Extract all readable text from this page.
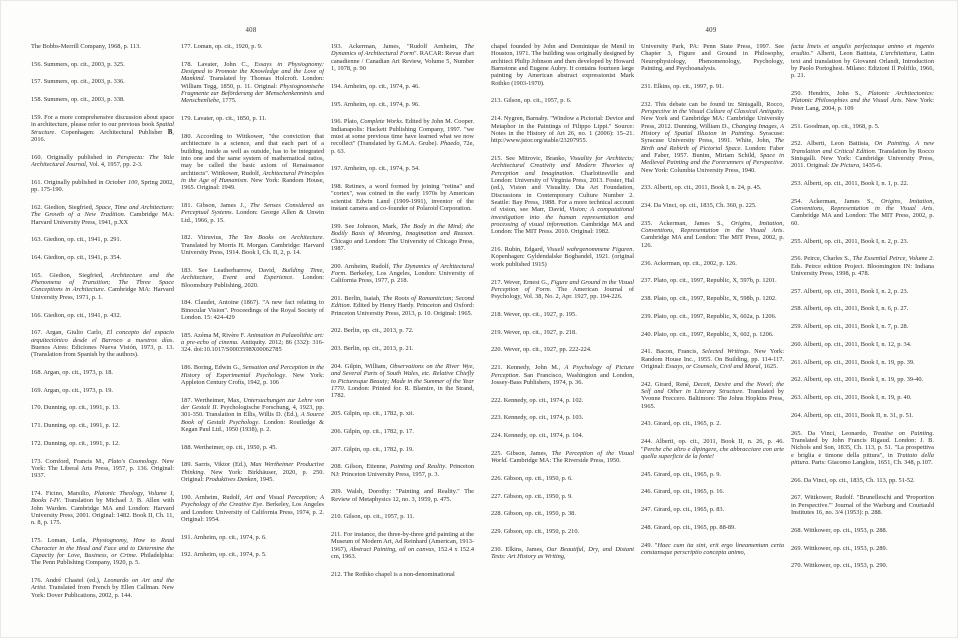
408

The Bobbs-Merrill Company, 1968, p. 113.

156. Summers, op. cit., 2003, p. 325.

157. Summers, op. cit., 2003, p. 336.

158. Summers, op. cit., 2003, p. 338.

159. For a more comprehensive discussion about space in architecture, please refer to our previous book Spatial Structure. Copenhagen: Architectural Publisher B, 2016.

160. Originally published in Perspecta: The Yale Architectural Journal, Vol. 4, 1957, pp. 2-3.

161. Originally published in October 100, Spring 2002, pp. 175-190.

162. Giedion, Siegfried, Space, Time and Architecture: The Growth of a New Tradition. Cambridge MA: Harvard University Press, 1941, p.XX

163. Giedion, op. cit., 1941, p. 291.

164. Giedion, op. cit., 1941, p. 354.

165. Giedion, Siegfried, Architecture and the Phenomena of Transition; The Three Space Conceptions in Architecture. Cambridge MA: Harvard University Press, 1971, p. 1.

166. Giedion, op. cit., 1941, p. 432.

167. Argan, Giulio Carlo, El concepto del espacio arquitectónico desde el Barroco a nuestros días. Buenos Aires: Ediciones Nueva Visión, 1973, p. 13. (Translation from Spanish by the authors).

168. Argan, op. cit., 1973, p. 18.

169. Argan, op. cit., 1973, p. 19.

170. Dunning, op. cit., 1991, p. 13.

171. Dunning, op. cit., 1991, p. 12.

172. Dunning, op. cit., 1991, p. 12.

173. Cornford, Francis M., Plato's Cosmology. New York: The Liberal Arts Press, 1957, p. 136. Original: 1937.

174. Ficino, Marsilio, Platonic Theology, Volume I, Books I-IV. Translation by Michael J. B. Allen with John Warden. Cambridge MA and London: Harvard University Press, 2001. Original: 1482. Book II, Ch. 11, n. 8, p. 175.

175. Loman, Leila, Physiognomy, How to Read Character in the Head and Face and to Determine the Capacity for Love, Business, or Crime. Philadelphia: The Penn Publishing Company, 1920, p. 5.

176. André Chastel (ed.), Leonardo on Art and the Artist. Translated from French by Ellen Callman. New York: Dover Publications, 2002, p. 144.

177. Loman, op. cit., 1920, p. 9.

178. Lavater, John C., Essays in Physiognomy: Designed to Promote the Knowledge and the Love of Mankind. Translated by Thomas Holcroft. London: William Tegg, 1850, p. 11. Original: Physiognomische Fragmente zur Beförderung der Menschenkenntnis und Menschenliebe, 1775.

179. Lavater, op. cit., 1850, p. 11.

180. According to Wittkower, "the conviction that architecture is a science, and that each part of a building, inside as well as outside, has to be integrated into one and the same system of mathematical ratios, may be called the basic axiom of Renaissance architects". Wittkower, Rudolf, Architectural Principles in the Age of Humanism. New York: Random House, 1965. Original: 1949.

181. Gibson, James J., The Senses Considered as Perceptual Systems. London: George Allen & Unwin Ltd., 1966, p. 15.

182. Vitruvius, The Ten Books on Architecture. Translated by Morris H. Morgan. Cambridge: Harvard University Press, 1914. Book I, Ch. II, 2, p. 14.

183. See Leatherbarrow, David, Building Time, Architecture, Event and Experience. London: Bloomsbury Publishing, 2020.

184. Claudet, Antoine (1867). "A new fact relating to Binocular Vision". Proceedings of the Royal Society of London. 15: 424-429

185. Azéma M, Rivère F. Animation in Palaeolithic art: a pre-echo of cinema. Antiquity. 2012; 86 (332): 316-324. doi:10.1017/S0003598X00062785

186. Boring, Edwin G., Sensation and Perception in the History of Experimental Psychology. New York: Appleton Century Crofts, 1942, p. 106

187. Wertheimer, Max, Untersuchungen zur Lehre von der Gestalt II. Psychologische Forschung, 4, 1923, pp. 301-350. Translation in Ellis, Willis D. (Ed.), A Source Book of Gestalt Psychology. London: Routledge & Kegan Paul Ltd., 1950 (1938), p. 2.

188. Wertheimer, op. cit., 1950, p. 45.

189. Sarris, Viktor (Ed.), Max Wertheimer Productive Thinking. New York: Birkhäuser, 2020, p. 250. Original: Produktives Denken, 1945.

190. Arnheim, Rudolf, Art and Visual Perception; A Psychology of the Creative Eye. Berkeley, Los Angeles and London: University of California Press, 1974, p. 2. Original: 1954.

191. Arnheim, op. cit., 1974, p. 6.

192. Arnheim, op. cit., 1974, p. 5.

193. Ackerman, James, "Rudolf Arnheim, The Dynamics of Architectural Form". RACAR: Revue d'art canadienne / Canadian Art Review, Volume 5, Number 1, 1978, p. 90

194. Arnheim, op. cit., 1974, p. 46.

195. Arnheim, op. cit., 1974, p. 96.

196. Plato, Complete Works. Edited by John M. Cooper. Indianapolis: Hackett Publishing Company, 1997. "we must at some previous time have learned what we now recollect" (Translated by G.M.A. Grube). Phaedo, 72e, p. 63.

197. Arnheim, op. cit., 1974, p. 54.

198. Retinex, a word formed by joining "retina" and "cortex", was coined in the early 1970s by American scientist Edwin Land (1909-1991), inventor of the instant camera and co-founder of Polaroid Corporation.

199. See Johnson, Mark, The Body in the Mind; the Bodily Basis of Meaning, Imagination and Reason. Chicago and London: The University of Chicago Press, 1987.

200. Arnheim, Rudolf, The Dynamics of Architectural Form. Berkeley, Los Angeles, London: University of California Press, 1977, p. 218.

201. Berlin, Isaiah, The Roots of Romanticism; Second Edition. Edited by Henry Hardy. Princeton and Oxford: Princeton University Press, 2013, p. 10. Original: 1965.

202. Berlin, op. cit., 2013, p. 72.

203. Berlin, op. cit., 2013, p. 21.

204. Gilpin, William, Observations on the River Wye, and Several Parts of South Wales, etc. Relative Chiefly to Picturesque Beauty; Made in the Summer of the Year 1770. London: Printed for. R. Blamire, in the Strand, 1782.

205. Gilpin, op. cit., 1782, p. xii.

206. Gilpin, op. cit., 1782, p. 17.

207. Gilpin, op. cit., 1782, p. 19.

208. Gilson, Etienne, Painting and Reality. Princeton NJ: Princeton University Press, 1957, p. 3.

209. Walsh, Dorothy: "Painting and Reality." The Review of Metaphysics 12, no. 3, 1959, p. 475.

210. Gilson, op. cit., 1957, p. 11.

211. For instance, the three-by-three grid painting at the Museum of Modern Art, Ad Reinhard (American, 1913-1967), Abstract Painting, oil on canvas, 152.4 x 152.4 cm, 1963.

212. The Rothko chapel is a non-denominational

409

chapel founded by John and Dominique de Menil in Houston, 1971. The building was originally designed by architect Philip Johnson and then developed by Howard Barnstone and Eugene Aubry. It contains fourteen large painting by American abstract expressionist Mark Rothko (1903-1970).

213. Gilson, op. cit., 1957, p. 6.

214. Nygren, Barnaby. "Window a Pictorial: Device and Metaphor in the Paintings of Filippo Lippi." Source: Notes in the History of Art 26, no. 1 (2006): 15–21. http://www.jstor.org/stable/23207955.

215. See Mitrovic, Branko, Visuality for Architects; Architectural Creativity and Modern Theories of Perception and Imagination. Charlottesville and London: University of Virginia Press, 2013. Foster, Hal (ed.), Vision and Visuality. Dia Art Foundation, Discussions in Contemporary Culture Number 2. Seattle: Bay Press, 1988. For a more technical account of vision, see Marr, David, Vision; A computational investigation into the human representation and processing of visual information. Cambridge MA and London: The MIT Press. 2010. Original: 1982.

216. Rubin, Edgard, Visuell wahrgenommene Figuren. Kopenhagen: Gyldendalske Boghandel, 1921. (original work published 1915)

217. Wever, Ernest G., Figure and Ground in the Visual Perception of Form. The American Journal of Psychology, Vol. 38, No. 2, Apr. 1927, pp. 194-226.

218. Wever, op. cit., 1927, p. 195.

219. Wever, op. cit., 1927, p. 218.

220. Wever, op. cit., 1927, pp. 222-224.

221. Kennedy, John M., A Psychology of Picture Perception. San Francisco, Washington and London, Jossey-Bass Publishers, 1974, p. 36.

222. Kennedy, op. cit., 1974, p. 102.

223. Kennedy, op. cit., 1974, p. 103.

224. Kennedy, op. cit., 1974, p. 104.

225. Gibson, James, The Perception of the Visual World. Cambridge MA: The Riverside Press, 1950.

226. Gibson, op. cit., 1950, p. 6.

227. Gibson, op. cit., 1950, p. 9.

228. Gibson, op. cit., 1950, p. 38.

229. Gibson, op. cit., 1950, p. 210.

230. Elkins, James, Our Beautiful, Dry, and Distant Texts: Art History as Writing,

University Park, PA: Penn State Press, 1997. See Chapter 3, Figure and Ground in Philosophy, Neurophysiology, Phenomenology, Psychology, Painting, and Psychoanalysis.

231. Elkins, op. cit., 1997, p. 91.

232. This debate can be found in: Sinisgalli, Rocco, Perspective in the Visual Culture of Classical Antiquity. New York and Cambridge MA: Cambridge University Press, 2012. Dunning, William D., Changing Images, A History of Spatial Illusion in Painting. Syracuse: Syracuse University Press, 1991. White, John, The Birth and Rebirth of Pictorial Space. London: Faber and Faber, 1957. Bunim, Miriam Schild, Space in Medieval Painting and the Forerunners of Perspective. New York: Columbia University Press, 1940.

233. Alberti, op. cit., 2011, Book I, n. 24, p. 45.

234. Da Vinci, op. cit., 1835, Ch. 360, p. 225.

235. Ackerman, James S., Origins, Imitation, Conventions, Representation in the Visual Arts. Cambridge MA and London: The MIT Press, 2002, p. 126.

236. Ackerman, op. cit., 2002, p. 126.

237. Plato, op. cit., 1997, Republic, X, 597b, p. 1201.

238. Plato, op. cit., 1997, Republic, X, 598b, p. 1202.

239. Plato, op. cit., 1997, Republic, X, 602a, p. 1206.

240. Plato, op. cit., 1997, Republic, X, 602, p. 1206.

241. Bacon, Francis, Selected Writings. New York: Random House Inc., 1955. On Building, pp. 114-117. Original: Essays, or Counsels, Civil and Moral, 1625.

242. Girard, René, Deceit, Desire and the Novel; the Self and Other in Literary Structure. Translated by Yvonne Freccero. Baltimore: The Johns Hopkins Press, 1965.

243. Girard, op. cit., 1965, p. 2.

244. Alberti, op. cit., 2011, Book II, n. 26, p. 46. "Perche che altro e dipingere, che abbracciare con arte quella superficie de la fonte!

245. Girard, op. cit., 1965, p. 9.

246. Girard, op. cit., 1965, p. 16.

247. Girard, op. cit., 1965, p. 83.

248. Girard, op. cit., 1965, pp. 88-89.

249. "Haec cum ita sint, erit ergo lineamentum certa constansque perscriptio concepta animo,

facta lineis et angulis perfectaque animo et ingenio erudito." Alberti, Leon Battista, L'architettura, Latin text and translation by Giovanni Orlandi, Introduction by Paolo Portoghesi. Milano: Edizioni Il Polifilo, 1966, p. 21.

250. Hendrix, John S., Platonic Architectonics: Platonic Philosophies and the Visual Arts. New York: Peter Lang, 2004, p. 109

251. Goodman, op. cit., 1968, p. 5.

252. Alberti, Leon Battista, On Painting. A new Translation and Critical Edition. Translation by Rocco Sinisgalli. New York: Cambridge University Press, 2011. Original: De Pictura, 1435-6.

253. Alberti, op. cit., 2011, Book I, n. 1, p. 22.

254. Ackerman, James S., Origins, Imitation, Conventions, Representation in the Visual Arts. Cambridge MA and London: The MIT Press, 2002, p. 60.

255. Alberti, op. cit., 2011, Book I, n. 2, p. 23.

256. Peirce, Charles S., The Essential Peirce, Volume 2. Eds. Peirce edition Project. Bloomington IN: Indiana University Press, 1998, p. 478.

257. Alberti, op. cit., 2011, Book I, n. 2, p. 23.

258. Alberti, op. cit., 2011, Book I, n. 6, p. 27.

259. Alberti, op. cit., 2011, Book I, n. 7, p. 28.

260. Alberti, op. cit., 2011, Book I, n. 12, p. 34.

261. Alberti, op. cit., 2011, Book I, n. 19, pp. 39.

262. Alberti, op. cit., 2011, Book I, n. 19, pp. 39-40.

263. Alberti, op. cit., 2011, Book I, n. 19, p. 40.

264. Alberti, op. cit., 2011, Book II, n. 31, p. 51.

265. Da Vinci, Leonardo, Treatise on Painting. Translated by John Francis Rigaud. London: J. B. Nichols and Son, 1835, Ch. 113, p. 51. "La prospettiva e briglia e timone della pittura", in Trattato della pittura. Paris: Giacomo Langlois, 1651, Ch. 348, p.107.

266. Da Vinci, op. cit., 1835, Ch. 113, pp. 51-52.

267. Wittkower, Rudolf. "Brunelleschi and 'Proportion in Perspective.'" Journal of the Warburg and Courtauld Institutes 16, no. 3/4 (1953): p. 288.

268. Wittkower, op. cit., 1953, p. 288.

269. Wittkower, op. cit., 1953, p. 289.

270. Wittkower, op. cit., 1953, p. 290.
